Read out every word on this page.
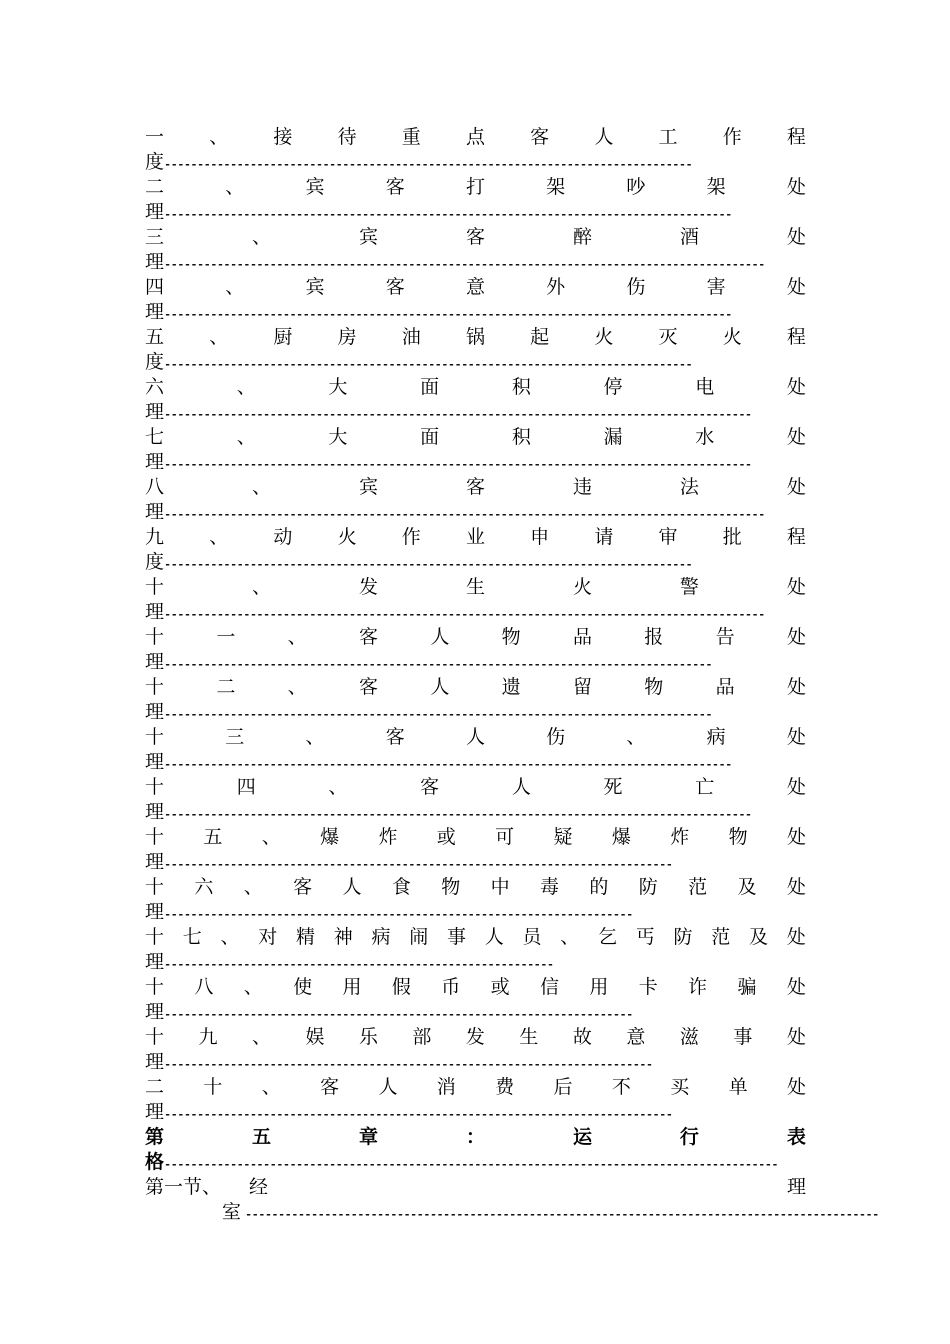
一 、 接 待 重 点 客 人 工 作 程
度--------------------------------------------------------------------------------
二	、	宾	客	打	架	吵	架	处
理--------------------------------------------------------------------------------------
三	、	宾	客	醉	酒	处
理-------------------------------------------------------------------------------------------
四	、	宾	客	意	外	伤	害	处
理--------------------------------------------------------------------------------------
五 、 厨 房 油 锅 起 火 灭 火 程
度--------------------------------------------------------------------------------
六	、	大	面	积	停	电	处
理-----------------------------------------------------------------------------------------
七	、	大	面	积	漏	水	处
理-----------------------------------------------------------------------------------------
八	、	宾	客	违	法	处
理-------------------------------------------------------------------------------------------
九 、 动 火 作 业 申 请 审 批 程
度--------------------------------------------------------------------------------
十	、	发	生	火	警	处
理-------------------------------------------------------------------------------------------
十	一	、	客	人	物	品	报	告	处
理-----------------------------------------------------------------------------------
十	二	、	客	人	遗	留	物	品	处
理-----------------------------------------------------------------------------------
十	三	、	客	人	伤	、	病	处
理--------------------------------------------------------------------------------------
十	四	、	客	人	死	亡	处
理-----------------------------------------------------------------------------------------
十 五 、 爆 炸 或 可 疑 爆 炸 物 处
理-----------------------------------------------------------------------------
十 六 、 客 人 食 物 中 毒 的 防 范 及 处
理-----------------------------------------------------------------------
十 七 、 对 精 神 病 闹 事 人 员 、 乞 丐 防 范 及 处
理-----------------------------------------------------------
十 八 、 使 用 假 币 或 信 用 卡 诈 骗 处
理-----------------------------------------------------------------------
十 九 、 娱 乐 部 发 生 故 意 滋 事 处
理--------------------------------------------------------------------------
二 十 、 客 人 消 费 后 不 买 单 处
理-----------------------------------------------------------------------------
第	五	章	：	运	行	表
格---------------------------------------------------------------------------------------------
第一节、 经	理
室 ------------------------------------------------------------------------------------------------
